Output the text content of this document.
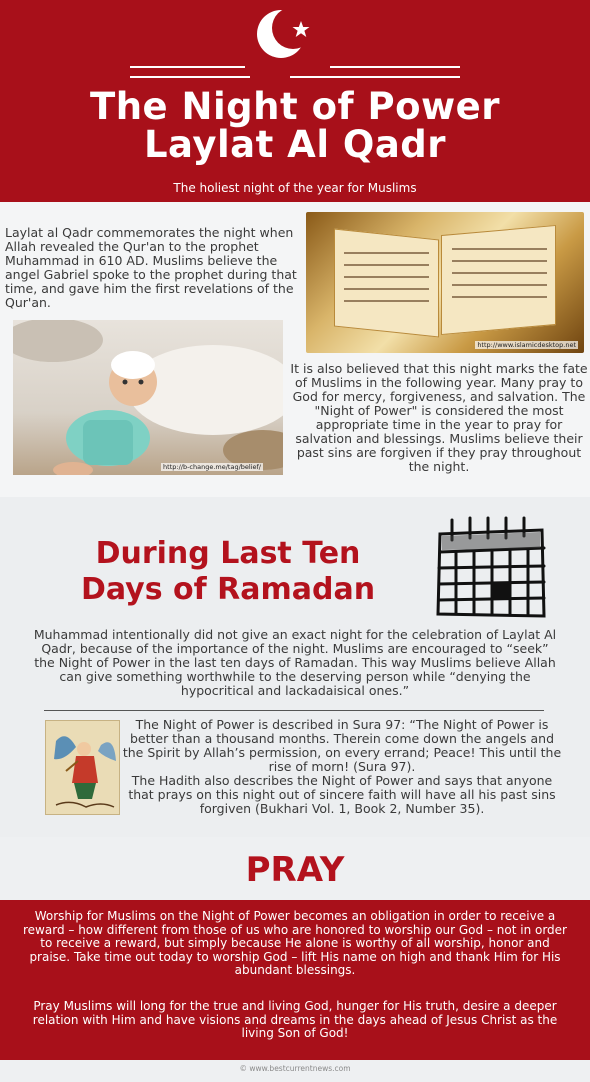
The Night of Power
Laylat Al Qadr
The holiest night of the year for Muslims

Laylat al Qadr commemorates the night when Allah revealed the Qur'an to the prophet Muhammad in 610 AD. Muslims believe the angel Gabriel spoke to the prophet during that time, and gave him the first revelations of the Qur'an.

http://www.islamicdesktop.net
http://b-change.me/tag/belief/

It is also believed that this night marks the fate of Muslims in the following year. Many pray to God for mercy, forgiveness, and salvation. The "Night of Power" is considered the most appropriate time in the year to pray for salvation and blessings. Muslims believe their past sins are forgiven if they pray throughout the night.

During Last Ten
Days of Ramadan

Muhammad intentionally did not give an exact night for the celebration of Laylat Al Qadr, because of the importance of the night. Muslims are encouraged to “seek” the Night of Power in the last ten days of Ramadan. This way Muslims believe Allah can give something worthwhile to the deserving person while “denying the hypocritical and lackadaisical ones.”

The Night of Power is described in Sura 97: “The Night of Power is better than a thousand months. Therein come down the angels and the Spirit by Allah’s permission, on every errand; Peace! This until the rise of morn! (Sura 97).

The Hadith also describes the Night of Power and says that anyone that prays on this night out of sincere faith will have all his past sins forgiven (Bukhari Vol. 1, Book 2, Number 35).

PRAY

Worship for Muslims on the Night of Power becomes an obligation in order to receive a reward – how different from those of us who are honored to worship our God – not in order to receive a reward, but simply because He alone is worthy of all worship, honor and praise. Take time out today to worship God – lift His name on high and thank Him for His abundant blessings.

Pray Muslims will long for the true and living God, hunger for His truth, desire a deeper relation with Him and have visions and dreams in the days ahead of Jesus Christ as the living Son of God!

© www.bestcurrentnews.com
